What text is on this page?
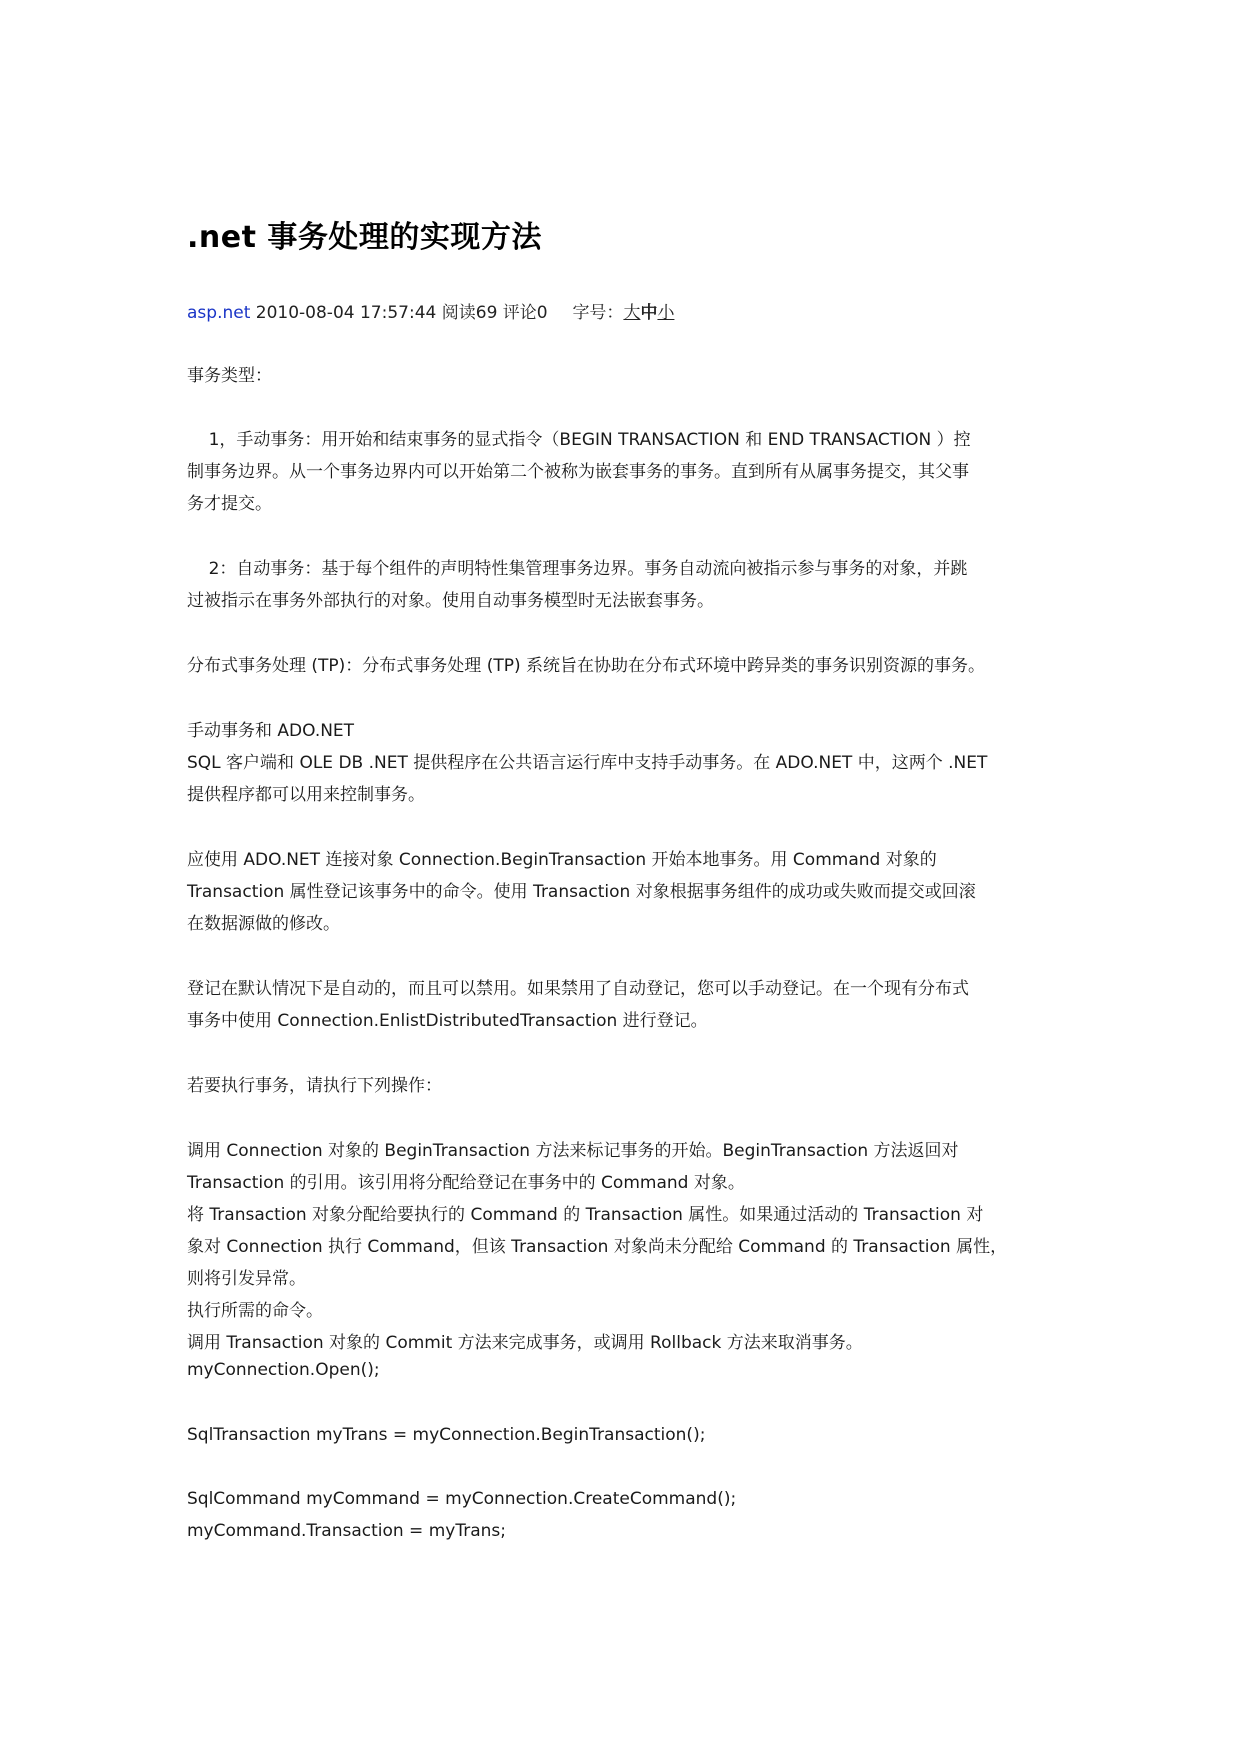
.net 事务处理的实现方法
asp.net 2010-08-04 17:57:44 阅读69 评论0 字号：大中小
事务类型：
1，手动事务：用开始和结束事务的显式指令（BEGIN TRANSACTION 和 END TRANSACTION ）控
制事务边界。从一个事务边界内可以开始第二个被称为嵌套事务的事务。直到所有从属事务提交，其父事
务才提交。
2：自动事务：基于每个组件的声明特性集管理事务边界。事务自动流向被指示参与事务的对象，并跳
过被指示在事务外部执行的对象。使用自动事务模型时无法嵌套事务。
分布式事务处理 (TP)：分布式事务处理 (TP) 系统旨在协助在分布式环境中跨异类的事务识别资源的事务。
手动事务和 ADO.NET
SQL 客户端和 OLE DB .NET 提供程序在公共语言运行库中支持手动事务。在 ADO.NET 中，这两个 .NET
提供程序都可以用来控制事务。
应使用 ADO.NET 连接对象 Connection.BeginTransaction 开始本地事务。用 Command 对象的
Transaction 属性登记该事务中的命令。使用 Transaction 对象根据事务组件的成功或失败而提交或回滚
在数据源做的修改。
登记在默认情况下是自动的，而且可以禁用。如果禁用了自动登记，您可以手动登记。在一个现有分布式
事务中使用 Connection.EnlistDistributedTransaction 进行登记。
若要执行事务，请执行下列操作：
调用 Connection 对象的 BeginTransaction 方法来标记事务的开始。BeginTransaction 方法返回对
Transaction 的引用。该引用将分配给登记在事务中的 Command 对象。
将 Transaction 对象分配给要执行的 Command 的 Transaction 属性。如果通过活动的 Transaction 对
象对 Connection 执行 Command，但该 Transaction 对象尚未分配给 Command 的 Transaction 属性，
则将引发异常。
执行所需的命令。
调用 Transaction 对象的 Commit 方法来完成事务，或调用 Rollback 方法来取消事务。
myConnection.Open();
SqlTransaction myTrans = myConnection.BeginTransaction();
SqlCommand myCommand = myConnection.CreateCommand();
myCommand.Transaction = myTrans;
